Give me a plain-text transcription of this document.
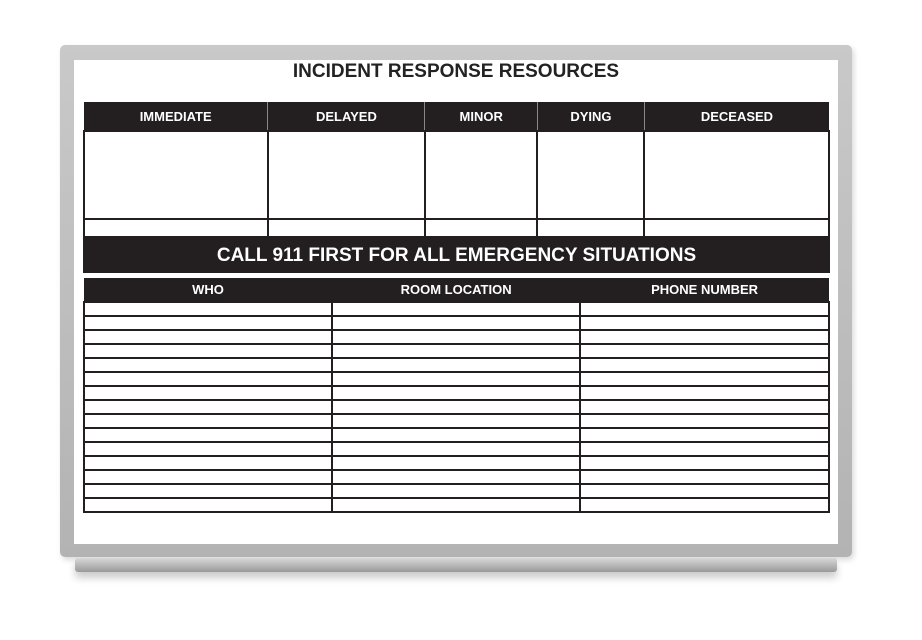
INCIDENT RESPONSE RESOURCES
IMMEDIATE	DELAYED	MINOR	DYING	DECEASED

CALL 911 FIRST FOR ALL EMERGENCY SITUATIONS
WHO	ROOM LOCATION	PHONE NUMBER
